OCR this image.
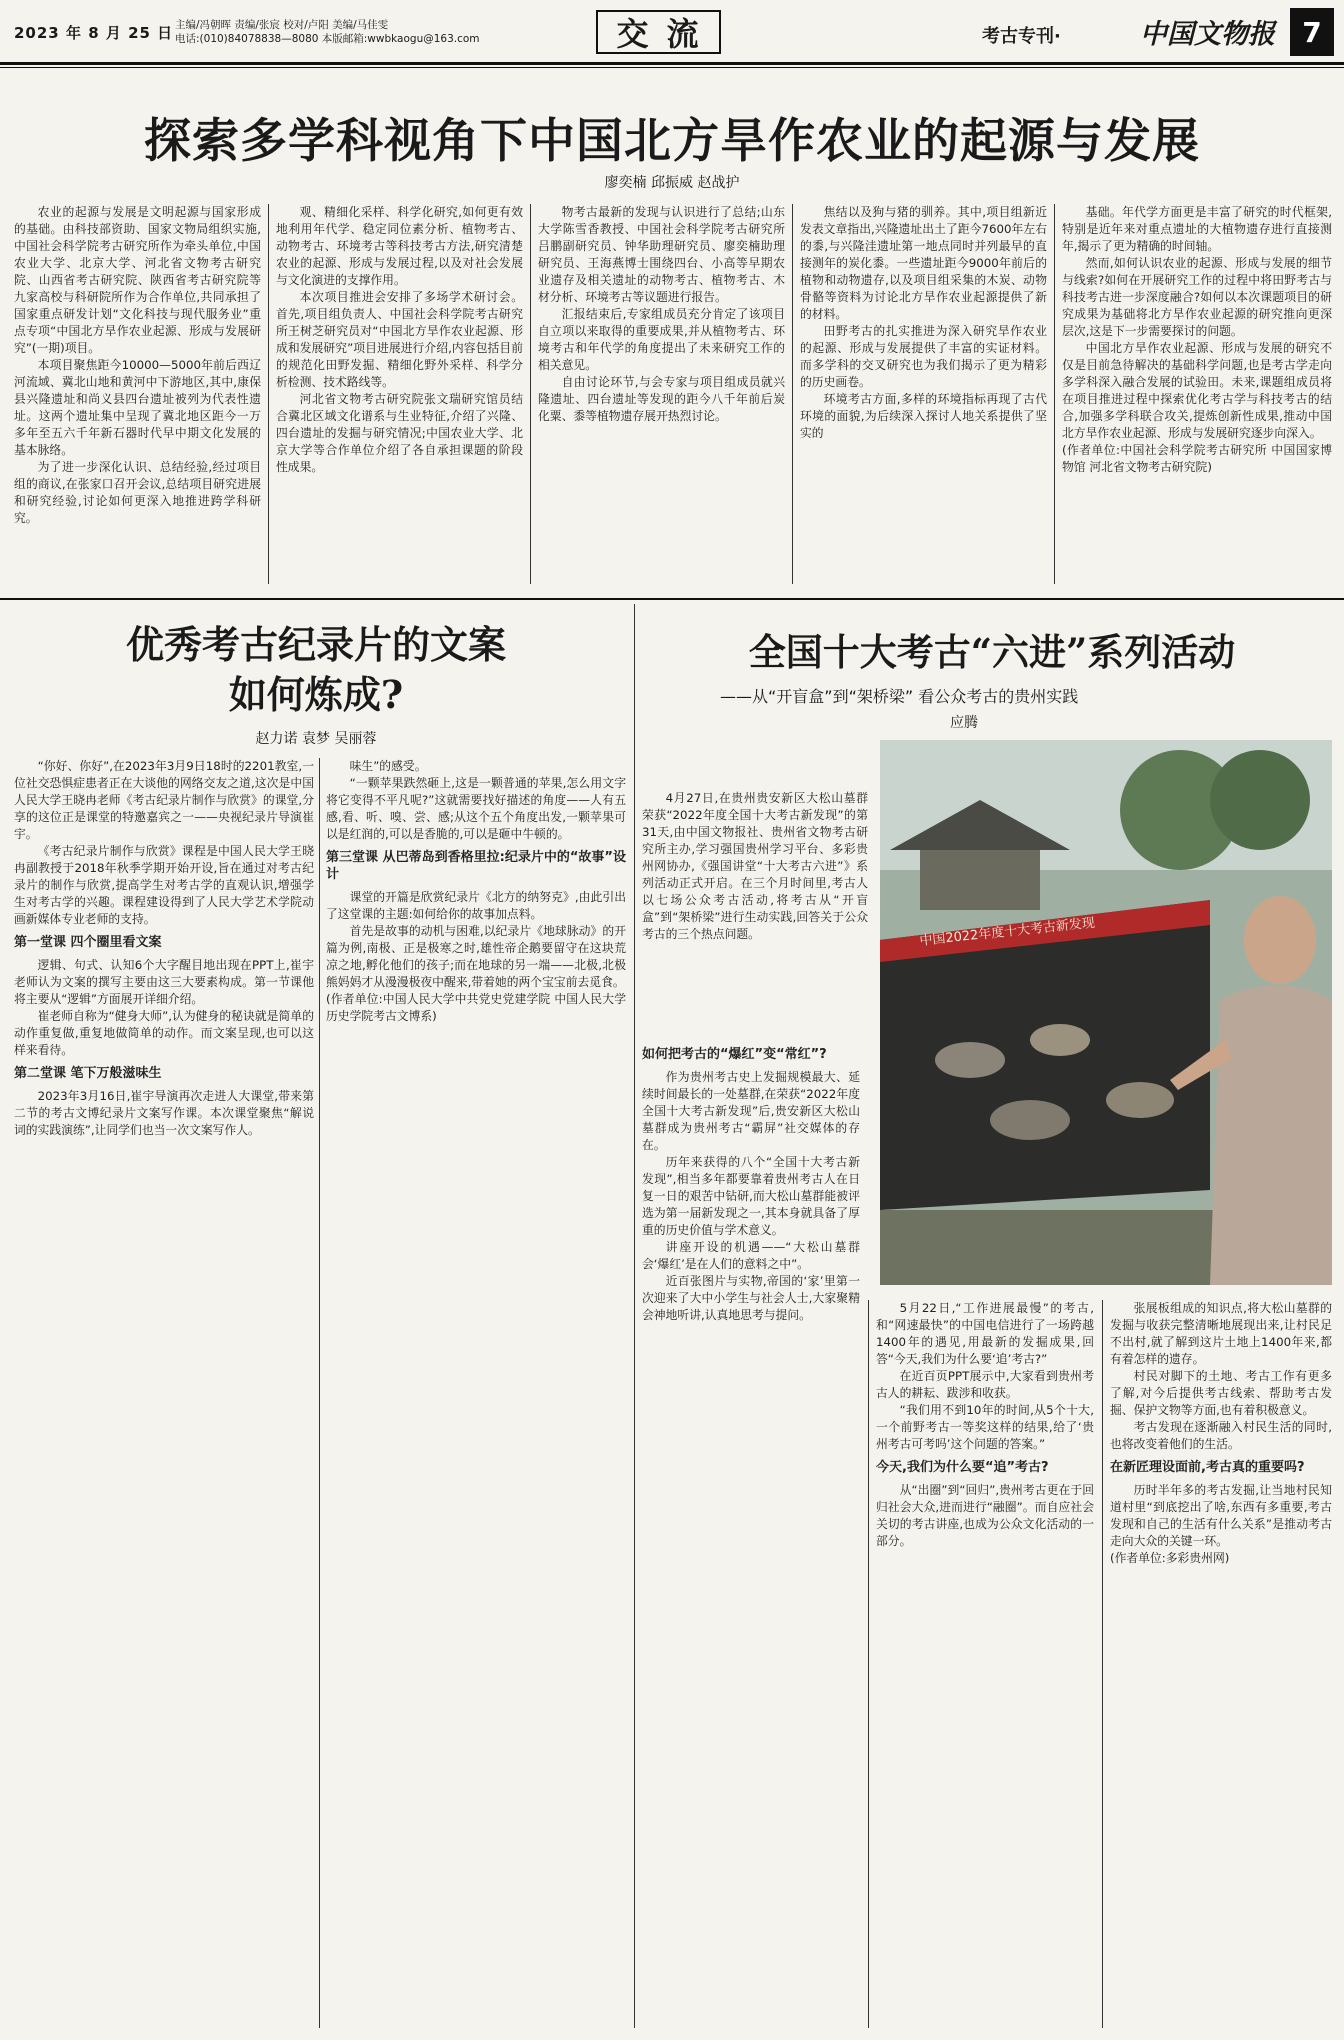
2023 年 8 月 25 日 主编/冯朝晖 责编/张宸 校对/卢阳 美编/马佳雯
电话:(010)84078838—8080 本版邮箱:wwbkaogu@163.com	交流	考古专刊·	中国文物报 7
探索多学科视角下中国北方旱作农业的起源与发展
廖奕楠 邱振威 赵战护

农业的起源与发展是文明起源与国家形成的基础。由科技部资助、国家文物局组织实施,中国社会科学院考古研究所作为牵头单位,中国农业大学、北京大学、河北省文物考古研究院、山西省考古研究院、陕西省考古研究院等九家高校与科研院所作为合作单位,共同承担了国家重点研发计划“文化科技与现代服务业”重点专项“中国北方旱作农业起源、形成与发展研究”(一期)项目。

本项目聚焦距今10000—5000年前后西辽河流域、冀北山地和黄河中下游地区,其中,康保县兴隆遗址和尚义县四台遗址被列为代表性遗址。这两个遗址集中呈现了冀北地区距今一万多年至五六千年新石器时代早中期文化发展的基本脉络。

为了进一步深化认识、总结经验,经过项目组的商议,在张家口召开会议,总结项目研究进展和研究经验,讨论如何更深入地推进跨学科研究。

观、精细化采样、科学化研究,如何更有效地利用年代学、稳定同位素分析、植物考古、动物考古、环境考古等科技考古方法,研究清楚农业的起源、形成与发展过程,以及对社会发展与文化演进的支撑作用。

本次项目推进会安排了多场学术研讨会。首先,项目组负责人、中国社会科学院考古研究所王树芝研究员对“中国北方旱作农业起源、形成和发展研究”项目进展进行介绍,内容包括目前的规范化田野发掘、精细化野外采样、科学分析检测、技术路线等。

河北省文物考古研究院张文瑞研究馆员结合冀北区域文化谱系与生业特征,介绍了兴隆、四台遗址的发掘与研究情况;中国农业大学、北京大学等合作单位介绍了各自承担课题的阶段性成果。

物考古最新的发现与认识进行了总结;山东大学陈雪香教授、中国社会科学院考古研究所吕鹏副研究员、钟华助理研究员、廖奕楠助理研究员、王海燕博士围绕四台、小高等早期农业遗存及相关遗址的动物考古、植物考古、木材分析、环境考古等议题进行报告。

汇报结束后,专家组成员充分肯定了该项目自立项以来取得的重要成果,并从植物考古、环境考古和年代学的角度提出了未来研究工作的相关意见。

自由讨论环节,与会专家与项目组成员就兴隆遗址、四台遗址等发现的距今八千年前后炭化粟、黍等植物遗存展开热烈讨论。

焦结以及狗与猪的驯养。其中,项目组新近发表文章指出,兴隆遗址出土了距今7600年左右的黍,与兴隆洼遗址第一地点同时并列最早的直接测年的炭化黍。一些遗址距今9000年前后的植物和动物遗存,以及项目组采集的木炭、动物骨骼等资料为讨论北方旱作农业起源提供了新的材料。

田野考古的扎实推进为深入研究旱作农业的起源、形成与发展提供了丰富的实证材料。而多学科的交叉研究也为我们揭示了更为精彩的历史画卷。

环境考古方面,多样的环境指标再现了古代环境的面貌,为后续深入探讨人地关系提供了坚实的

基础。年代学方面更是丰富了研究的时代框架,特别是近年来对重点遗址的大植物遗存进行直接测年,揭示了更为精确的时间轴。

然而,如何认识农业的起源、形成与发展的细节与线索?如何在开展研究工作的过程中将田野考古与科技考古进一步深度融合?如何以本次课题项目的研究成果为基础将北方旱作农业起源的研究推向更深层次,这是下一步需要探讨的问题。

中国北方旱作农业起源、形成与发展的研究不仅是目前急待解决的基础科学问题,也是考古学走向多学科深入融合发展的试验田。未来,课题组成员将在项目推进过程中探索优化考古学与科技考古的结合,加强多学科联合攻关,提炼创新性成果,推动中国北方旱作农业起源、形成与发展研究逐步向深入。

(作者单位:中国社会科学院考古研究所 中国国家博物馆 河北省文物考古研究院)

优秀考古纪录片的文案
如何炼成?
赵力诺 袁梦 吴丽蓉

“你好、你好”,在2023年3月9日18时的2201教室,一位社交恐惧症患者正在大谈他的网络交友之道,这次是中国人民大学王晓冉老师《考古纪录片制作与欣赏》的课堂,分享的这位正是课堂的特邀嘉宾之一——央视纪录片导演崔宇。

《考古纪录片制作与欣赏》课程是中国人民大学王晓冉副教授于2018年秋季学期开始开设,旨在通过对考古纪录片的制作与欣赏,提高学生对考古学的直观认识,增强学生对考古学的兴趣。课程建设得到了人民大学艺术学院动画新媒体专业老师的支持。

第一堂课 四个圈里看文案

逻辑、句式、认知6个大字醒目地出现在PPT上,崔宇老师认为文案的撰写主要由这三大要素构成。第一节课他将主要从“逻辑”方面展开详细介绍。

崔老师自称为“健身大师”,认为健身的秘诀就是简单的动作重复做,重复地做简单的动作。而文案呈现,也可以这样来看待。

第二堂课 笔下万般滋味生

2023年3月16日,崔宇导演再次走进人大课堂,带来第二节的考古文博纪录片文案写作课。本次课堂聚焦“解说词的实践演练”,让同学们也当一次文案写作人。

味生”的感受。

“一颗苹果跌然砸上,这是一颗普通的苹果,怎么用文字将它变得不平凡呢?”这就需要找好描述的角度——人有五感,看、听、嗅、尝、感;从这个五个角度出发,一颗苹果可以是红润的,可以是香脆的,可以是砸中牛顿的。

第三堂课 从巴蒂岛到香格里拉:纪录片中的“故事”设计

课堂的开篇是欣赏纪录片《北方的纳努克》,由此引出了这堂课的主题:如何给你的故事加点料。

首先是故事的动机与困难,以纪录片《地球脉动》的开篇为例,南极、正是极寒之时,雄性帝企鹅要留守在这块荒凉之地,孵化他们的孩子;而在地球的另一端——北极,北极熊妈妈才从漫漫极夜中醒来,带着她的两个宝宝前去觅食。

(作者单位:中国人民大学中共党史党建学院 中国人民大学历史学院考古文博系)

全国十大考古“六进”系列活动
——从“开盲盒”到“架桥梁” 看公众考古的贵州实践
应腾

4月27日,在贵州贵安新区大松山墓群荣获“2022年度全国十大考古新发现”的第31天,由中国文物报社、贵州省文物考古研究所主办,学习强国贵州学习平台、多彩贵州网协办,《强国讲堂“十大考古六进”》系列活动正式开启。在三个月时间里,考古人以七场公众考古活动,将考古从“开盲盒”到“架桥梁”进行生动实践,回答关于公众考古的三个热点问题。	中国2022年度十大考古新发现
如何把考古的“爆红”变“常红”?

作为贵州考古史上发掘规模最大、延续时间最长的一处墓群,在荣获“2022年度全国十大考古新发现”后,贵安新区大松山墓群成为贵州考古“霸屏”社交媒体的存在。

历年来获得的八个“全国十大考古新发现”,相当多年都要靠着贵州考古人在日复一日的艰苦中钻研,而大松山墓群能被评选为第一届新发现之一,其本身就具备了厚重的历史价值与学术意义。

讲座开设的机遇——“大松山墓群会‘爆红’是在人们的意料之中”。

近百张图片与实物,帝国的‘家’里第一次迎来了大中小学生与社会人士,大家聚精会神地听讲,认真地思考与提问。	5月22日,“工作进展最慢”的考古,和“网速最快”的中国电信进行了一场跨越1400年的遇见,用最新的发掘成果,回答“今天,我们为什么要‘追’考古?”

在近百页PPT展示中,大家看到贵州考古人的耕耘、跋涉和收获。

“我们用不到10年的时间,从5个十大,一个前野考古一等奖这样的结果,给了‘贵州考古可考吗’这个问题的答案。”

今天,我们为什么要“追”考古?

从“出圈”到“回归”,贵州考古更在于回归社会大众,进而进行“融圈”。而自应社会关切的考古讲座,也成为公众文化活动的一部分。

张展板组成的知识点,将大松山墓群的发掘与收获完整清晰地展现出来,让村民足不出村,就了解到这片土地上1400年来,都有着怎样的遗存。

村民对脚下的土地、考古工作有更多了解,对今后提供考古线索、帮助考古发掘、保护文物等方面,也有着积极意义。

考古发现在逐渐融入村民生活的同时,也将改变着他们的生活。

在新匠理设面前,考古真的重要吗?

历时半年多的考古发掘,让当地村民知道村里“到底挖出了啥,东西有多重要,考古发现和自己的生活有什么关系”是推动考古走向大众的关键一环。

(作者单位:多彩贵州网)
